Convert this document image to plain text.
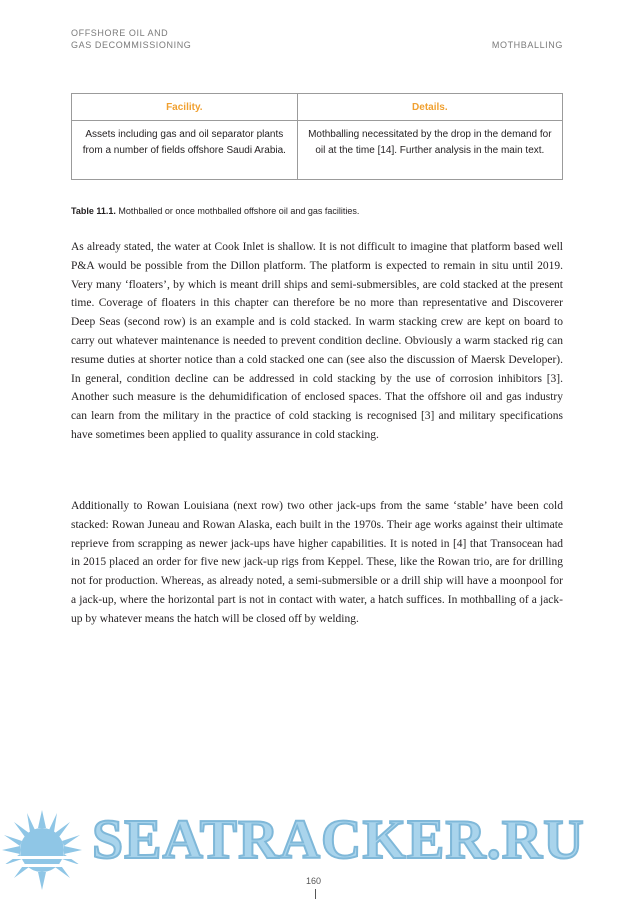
OFFSHORE OIL AND
GAS DECOMMISSIONING	MOTHBALLING
Facility.	Details.
Assets including gas and oil separator plants from a number of fields offshore Saudi Arabia.	Mothballing necessitated by the drop in the demand for oil at the time [14]. Further analysis in the main text.
Table 11.1. Mothballed or once mothballed offshore oil and gas facilities.

As already stated, the water at Cook Inlet is shallow. It is not difficult to imagine that platform based well P&A would be possible from the Dillon platform. The platform is expected to remain in situ until 2019. Very many ‘floaters’, by which is meant drill ships and semi-submersibles, are cold stacked at the present time. Coverage of floaters in this chapter can therefore be no more than representative and Discoverer Deep Seas (second row) is an example and is cold stacked. In warm stacking crew are kept on board to carry out whatever maintenance is needed to prevent condition decline. Obviously a warm stacked rig can resume duties at shorter notice than a cold stacked one can (see also the discussion of Maersk Developer). In general, condition decline can be addressed in cold stacking by the use of corrosion inhibitors [3]. Another such measure is the dehumidification of enclosed spaces. That the offshore oil and gas industry can learn from the military in the practice of cold stacking is recognised [3] and military specifications have sometimes been applied to quality assurance in cold stacking.

Additionally to Rowan Louisiana (next row) two other jack-ups from the same ‘stable’ have been cold stacked: Rowan Juneau and Rowan Alaska, each built in the 1970s. Their age works against their ultimate reprieve from scrapping as newer jack-ups have higher capabilities. It is noted in [4] that Transocean had in 2015 placed an order for five new jack-up rigs from Keppel. These, like the Rowan trio, are for drilling not for production. Whereas, as already noted, a semi-submersible or a drill ship will have a moonpool for a jack-up, where the horizontal part is not in contact with water, a hatch suffices. In mothballing of a jack-up by whatever means the hatch will be closed off by welding.

SEATRACKER.RU
160
